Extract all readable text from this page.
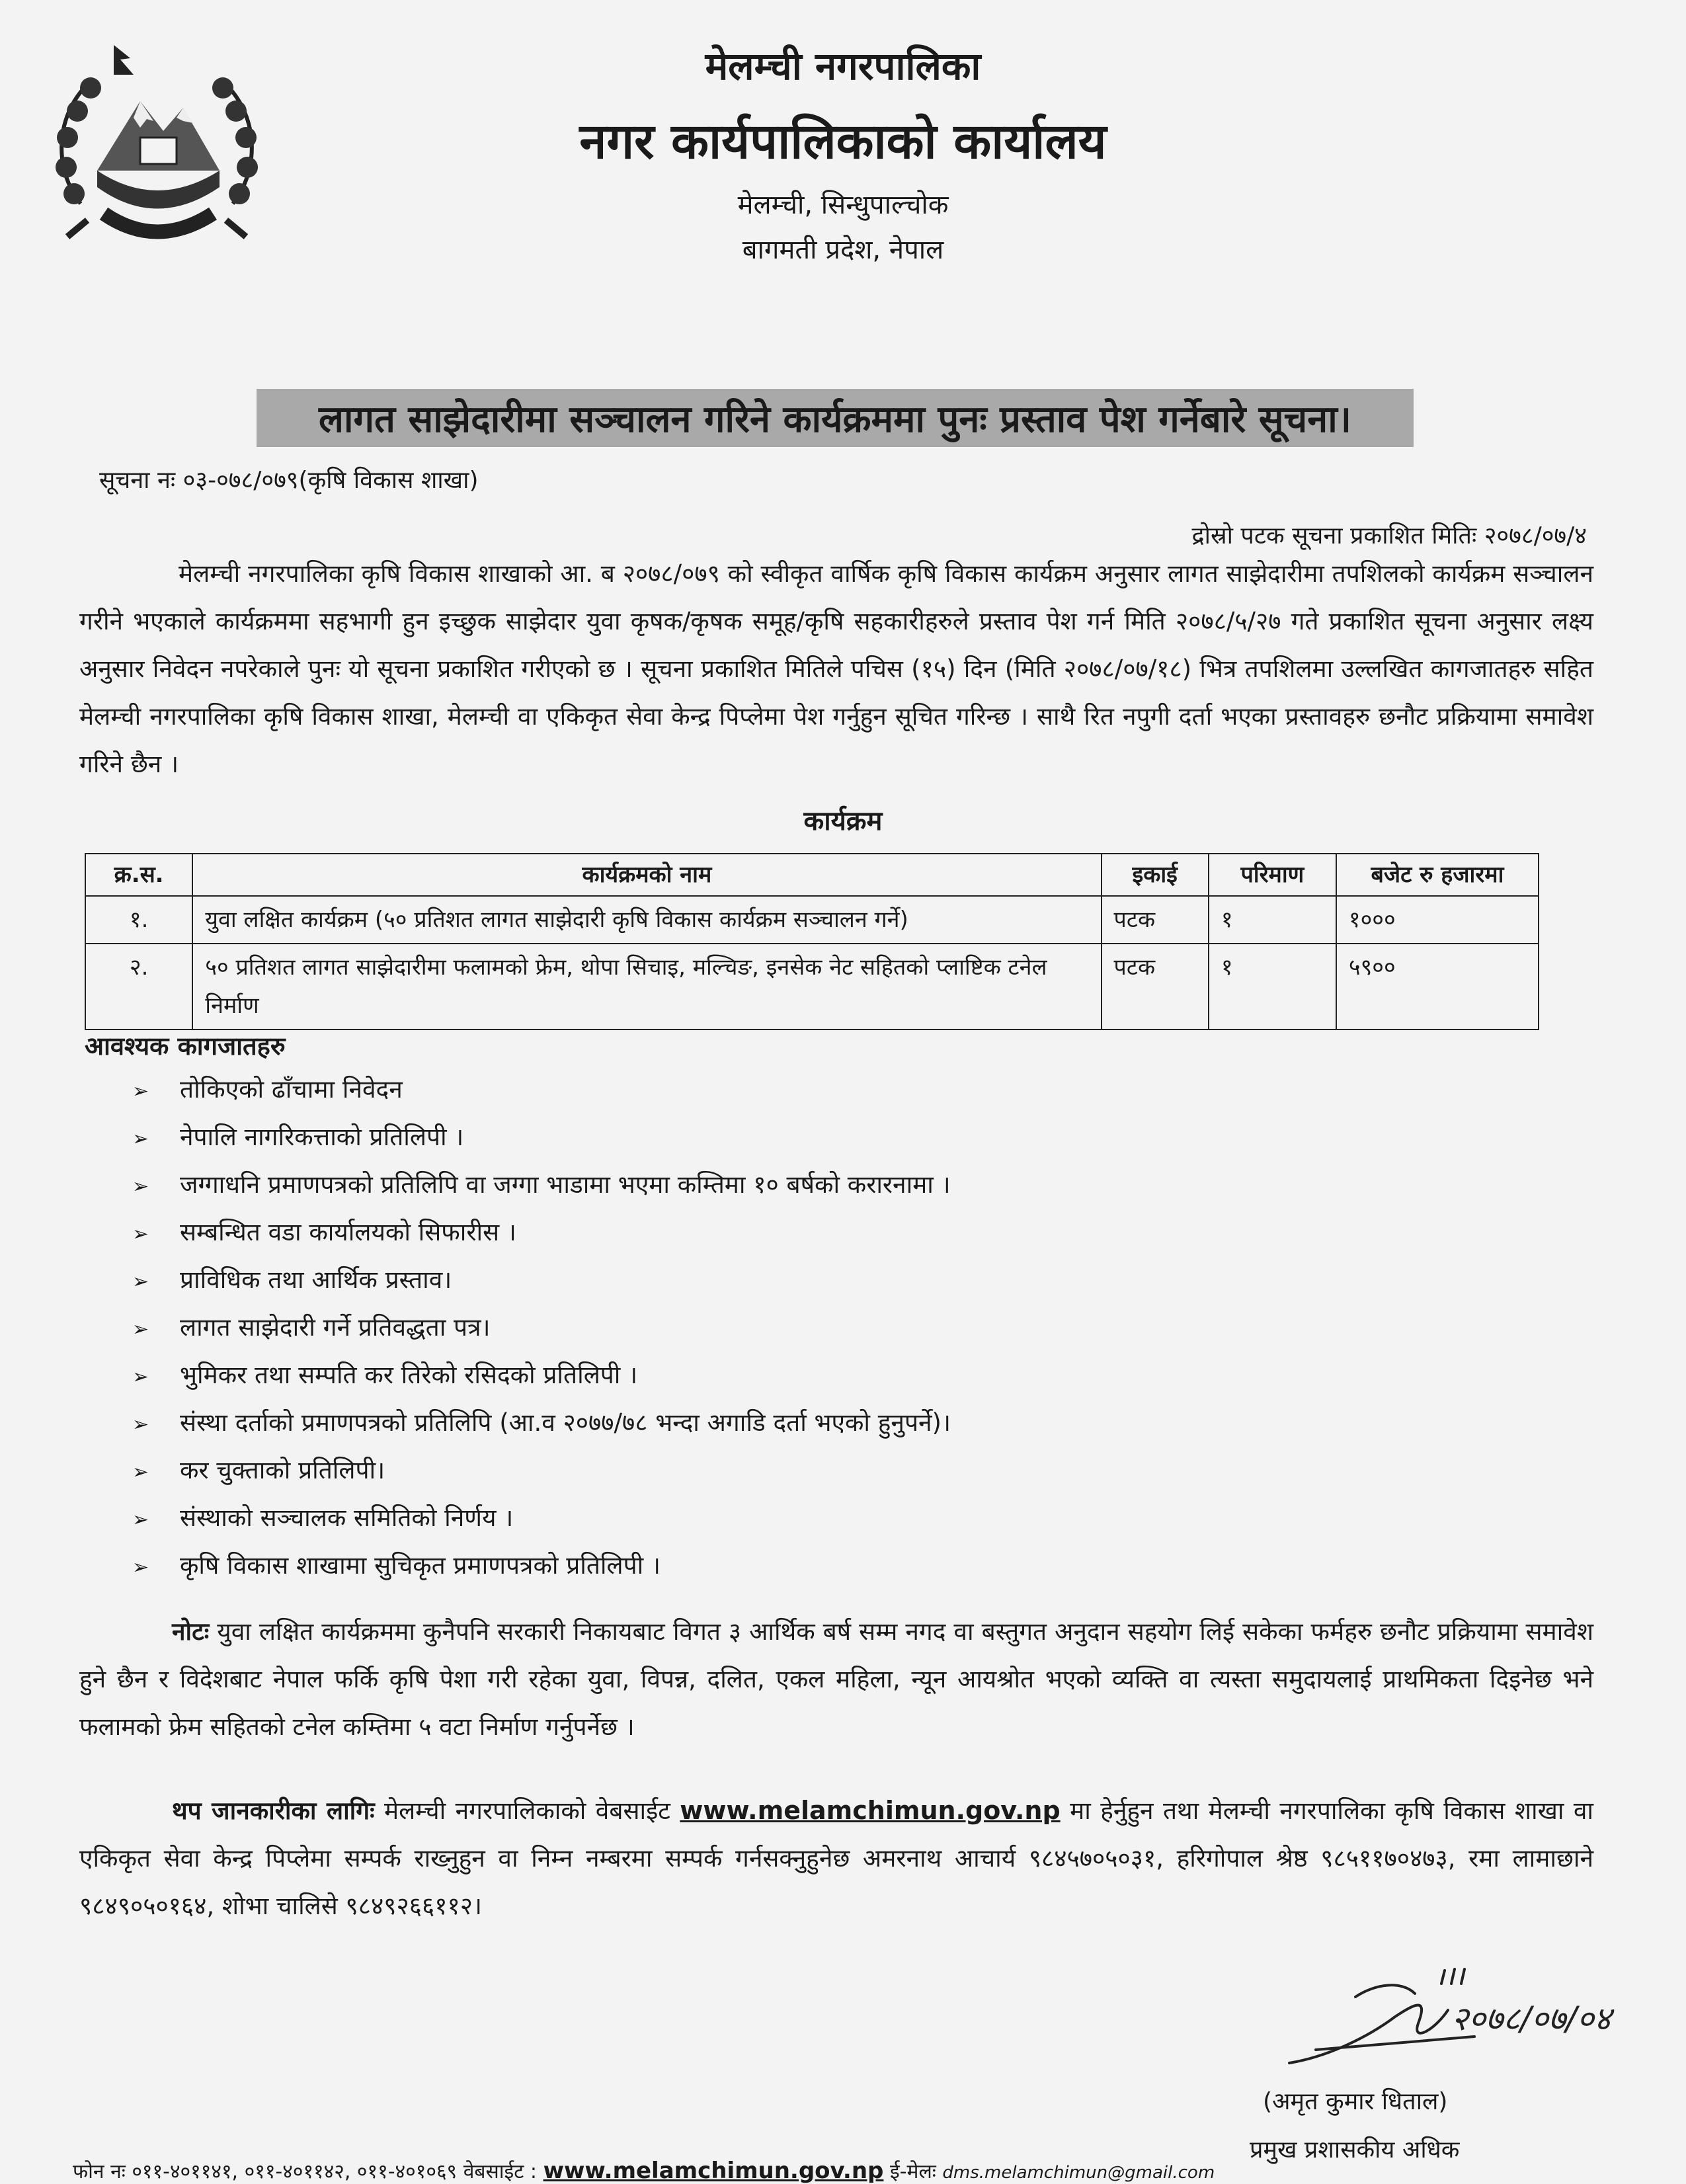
मेलम्ची नगरपालिका
नगर कार्यपालिकाको कार्यालय
मेलम्ची, सिन्धुपाल्चोक
बागमती प्रदेश, नेपाल
लागत साझेदारीमा सञ्चालन गरिने कार्यक्रममा पुनः प्रस्ताव पेश गर्नेबारे सूचना।
सूचना नः ०३-०७८/०७९(कृषि विकास शाखा)
द्रोस्रो पटक सूचना प्रकाशित मितिः २०७८/०७/४
मेलम्ची नगरपालिका कृषि विकास शाखाको आ. ब २०७८/०७९ को स्वीकृत वार्षिक कृषि विकास कार्यक्रम अनुसार लागत साझेदारीमा तपशिलको कार्यक्रम सञ्चालन गरीने भएकाले कार्यक्रममा सहभागी हुन इच्छुक साझेदार युवा कृषक/कृषक समूह/कृषि सहकारीहरुले प्रस्ताव पेश गर्न मिति २०७८/५/२७ गते प्रकाशित सूचना अनुसार लक्ष्य अनुसार निवेदन नपरेकाले पुनः यो सूचना प्रकाशित गरीएको छ । सूचना प्रकाशित मितिले पचिस (१५) दिन (मिति २०७८/०७/१८) भित्र तपशिलमा उल्लखित कागजातहरु सहित मेलम्ची नगरपालिका कृषि विकास शाखा, मेलम्ची वा एकिकृत सेवा केन्द्र पिप्लेमा पेश गर्नुहुन सूचित गरिन्छ । साथै रित नपुगी दर्ता भएका प्रस्तावहरु छनौट प्रक्रियामा समावेश गरिने छैन ।
कार्यक्रम
क्र.स.	कार्यक्रमको नाम	इकाई	परिमाण	बजेट रु हजारमा
१.	युवा लक्षित कार्यक्रम (५० प्रतिशत लागत साझेदारी कृषि विकास कार्यक्रम सञ्चालन गर्ने)	पटक	१	१०००
२.	५० प्रतिशत लागत साझेदारीमा फलामको फ्रेम, थोपा सिचाइ, मल्चिङ, इनसेक नेट सहितको प्लाष्टिक टनेल निर्माण	पटक	१	५९००
आवश्यक कागजातहरु
➢ तोकिएको ढाँचामा निवेदन
➢ नेपालि नागरिकत्ताको प्रतिलिपी ।
➢ जग्गाधनि प्रमाणपत्रको प्रतिलिपि वा जग्गा भाडामा भएमा कम्तिमा १० बर्षको करारनामा ।
➢ सम्बन्धित वडा कार्यालयको सिफारीस ।
➢ प्राविधिक तथा आर्थिक प्रस्ताव।
➢ लागत साझेदारी गर्ने प्रतिवद्धता पत्र।
➢ भुमिकर तथा सम्पति कर तिरेको रसिदको प्रतिलिपी ।
➢ संस्था दर्ताको प्रमाणपत्रको प्रतिलिपि (आ.व २०७७/७८ भन्दा अगाडि दर्ता भएको हुनुपर्ने)।
➢ कर चुक्ताको प्रतिलिपी।
➢ संस्थाको सञ्चालक समितिको निर्णय ।
➢ कृषि विकास शाखामा सुचिकृत प्रमाणपत्रको प्रतिलिपी ।
नोटः युवा लक्षित कार्यक्रममा कुनैपनि सरकारी निकायबाट विगत ३ आर्थिक बर्ष सम्म नगद वा बस्तुगत अनुदान सहयोग लिई सकेका फर्महरु छनौट प्रक्रियामा समावेश हुने छैन र विदेशबाट नेपाल फर्कि कृषि पेशा गरी रहेका युवा, विपन्न, दलित, एकल महिला, न्यून आयश्रोत भएको व्यक्ति वा त्यस्ता समुदायलाई प्राथमिकता दिइनेछ भने फलामको फ्रेम सहितको टनेल कम्तिमा ५ वटा निर्माण गर्नुपर्नेछ ।
थप जानकारीका लागिः मेलम्ची नगरपालिकाको वेबसाईट www.melamchimun.gov.np मा हेर्नुहुन तथा मेलम्ची नगरपालिका कृषि विकास शाखा वा एकिकृत सेवा केन्द्र पिप्लेमा सम्पर्क राख्नुहुन वा निम्न नम्बरमा सम्पर्क गर्नसक्नुहुनेछ अमरनाथ आचार्य ९८४५७०५०३१, हरिगोपाल श्रेष्ठ ९८५११७०४७३, रमा लामाछाने ९८४९०५०१६४, शोभा चालिसे ९८४९२६६११२।
२०७८/०७/०४
(अमृत कुमार धिताल)
प्रमुख प्रशासकीय अधिक
फोन नः ०११-४०११४१, ०११-४०११४२, ०११-४०१०६९ वेबसाईट : www.melamchimun.gov.np ई-मेलः dms.melamchimun@gmail.com
